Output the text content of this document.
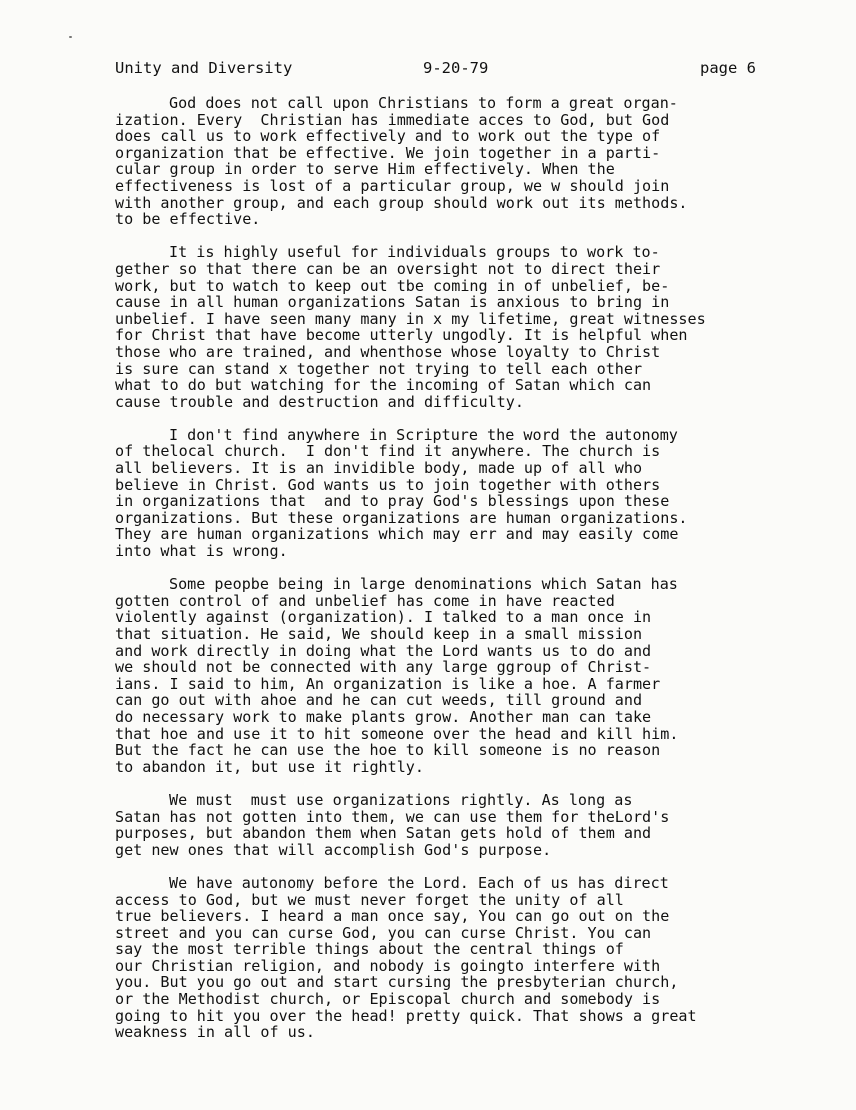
Unity and Diversity	9-20-79	page 6
God does not call upon Christians to form a great organ-
ization. Every  Christian has immediate acces to God, but God
does call us to work effectively and to work out the type of
organization that be effective. We join together in a parti-
cular group in order to serve Him effectively. When the
effectiveness is lost of a particular group, we w should join
with another group, and each group should work out its methods.
to be effective.
It is highly useful for individuals groups to work to-
gether so that there can be an oversight not to direct their
work, but to watch to keep out tbe coming in of unbelief, be-
cause in all human organizations Satan is anxious to bring in
unbelief. I have seen many many in x my lifetime, great witnesses
for Christ that have become utterly ungodly. It is helpful when
those who are trained, and whenthose whose loyalty to Christ
is sure can stand x together not trying to tell each other
what to do but watching for the incoming of Satan which can
cause trouble and destruction and difficulty.
I don't find anywhere in Scripture the word the autonomy
of thelocal church.  I don't find it anywhere. The church is
all believers. It is an invidible body, made up of all who
believe in Christ. God wants us to join together with others
in organizations that  and to pray God's blessings upon these
organizations. But these organizations are human organizations.
They are human organizations which may err and may easily come
into what is wrong.
Some peopbe being in large denominations which Satan has
gotten control of and unbelief has come in have reacted
violently against (organization). I talked to a man once in
that situation. He said, We should keep in a small mission
and work directly in doing what the Lord wants us to do and
we should not be connected with any large ggroup of Christ-
ians. I said to him, An organization is like a hoe. A farmer
can go out with ahoe and he can cut weeds, till ground and
do necessary work to make plants grow. Another man can take
that hoe and use it to hit someone over the head and kill him.
But the fact he can use the hoe to kill someone is no reason
to abandon it, but use it rightly.
We must  must use organizations rightly. As long as
Satan has not gotten into them, we can use them for theLord's
purposes, but abandon them when Satan gets hold of them and
get new ones that will accomplish God's purpose.
We have autonomy before the Lord. Each of us has direct
access to God, but we must never forget the unity of all
true believers. I heard a man once say, You can go out on the
street and you can curse God, you can curse Christ. You can
say the most terrible things about the central things of
our Christian religion, and nobody is goingto interfere with
you. But you go out and start cursing the presbyterian church,
or the Methodist church, or Episcopal church and somebody is
going to hit you over the head! pretty quick. That shows a great
weakness in all of us.
